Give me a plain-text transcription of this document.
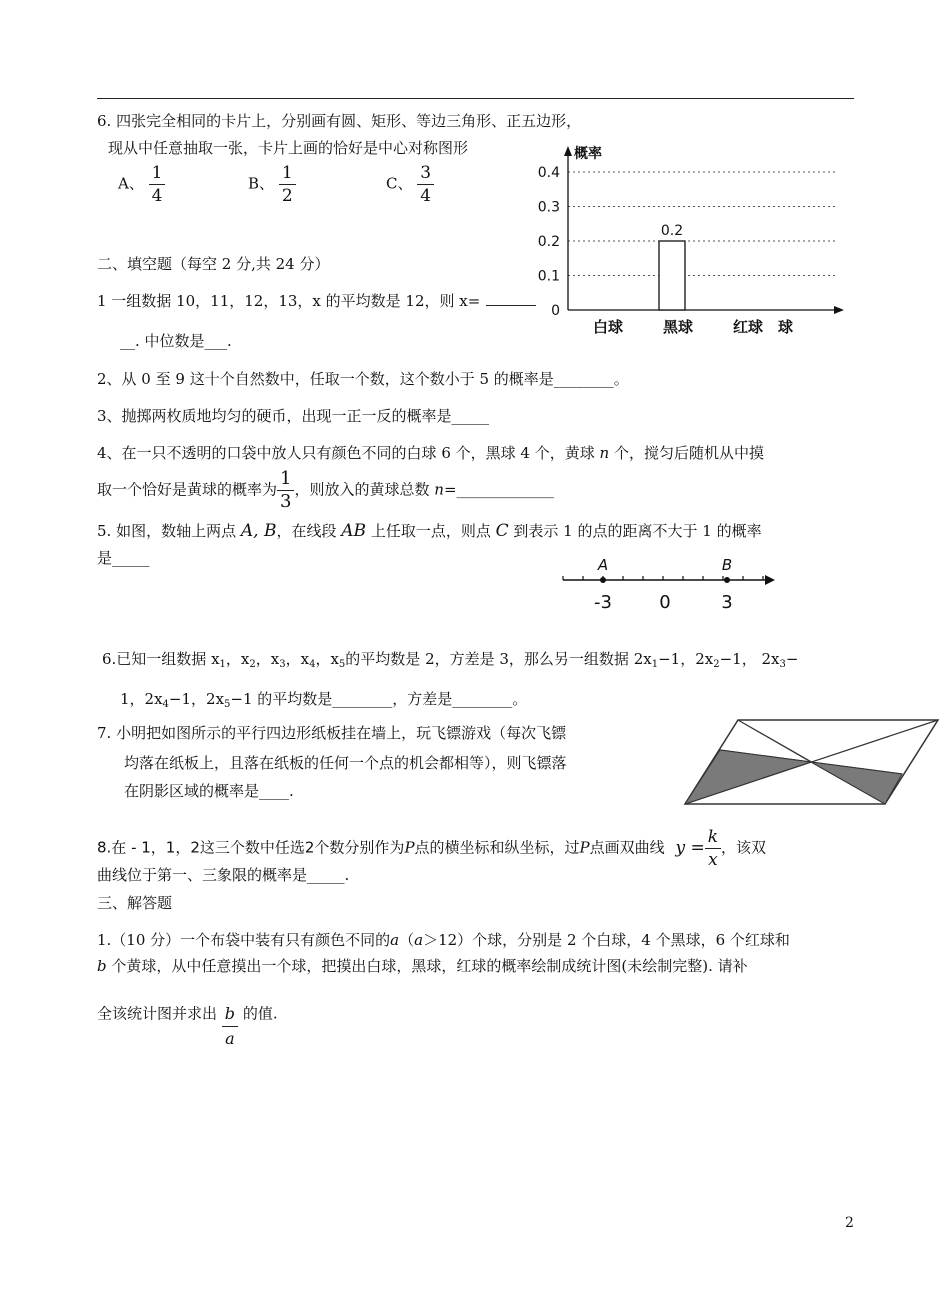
6. 四张完全相同的卡片上，分别画有圆、矩形、等边三角形、正五边形，
现从中任意抽取一张，卡片上画的恰好是中心对称图形
A、 $\frac{1}{4}$	B、 $\frac{1}{2}$	C、 $\frac{3}{4}$
0
0.1
0.2
0.3
0.4
概率
球
白球	黑球
0.2
红球
二、填空题（每空 2 分,共 24 分）
1 一组数据 10，11，12，13，x 的平均数是 12，则 x=
__. 中位数是___.
2、从 0 至 9 这十个自然数中，任取一个数，这个数小于 5 的概率是________。
3、抛掷两枚质地均匀的硬币，出现一正一反的概率是_____
4、在一只不透明的口袋中放人只有颜色不同的白球 6 个，黑球 4 个，黄球 n 个，搅匀后随机从中摸
取一个恰好是黄球的概率为 $\frac{1}{3}$ ，则放入的黄球总数 n=_____________
5. 如图，数轴上两点 A, B，在线段 AB 上任取一点，则点 C 到表示 1 的点的距离不大于 1 的概率
是_____	A	B
-3	0	3
6.已知一组数据 $x_1$，$x_2$，$x_3$，$x_4$，$x_5$的平均数是 2，方差是 3，那么另一组数据 $2x_1-1$，$2x_2-1$， $2x_3-$
1，$2x_4-1$，$2x_5-1$ 的平均数是________，方差是________。
7. 小明把如图所示的平行四边形纸板挂在墙上，玩飞镖游戏（每次飞镖
均落在纸板上，且落在纸板的任何一个点的机会都相等），则飞镖落
在阴影区域的概率是____.
8.在 - 1，1，2这三个数中任选2个数分别作为P点的横坐标和纵坐标，过P点画双曲线 $y = \frac{k}{x}$ ，该双
曲线位于第一、三象限的概率是_____.
三、解答题
1.（10 分）一个布袋中装有只有颜色不同的a（a＞12）个球，分别是 2 个白球，4 个黑球，6 个红球和
b 个黄球，从中任意摸出一个球，把摸出白球，黑球，红球的概率绘制成统计图(未绘制完整). 请补
全该统计图并求出 $\frac{b}{a}$ 的值.
2
